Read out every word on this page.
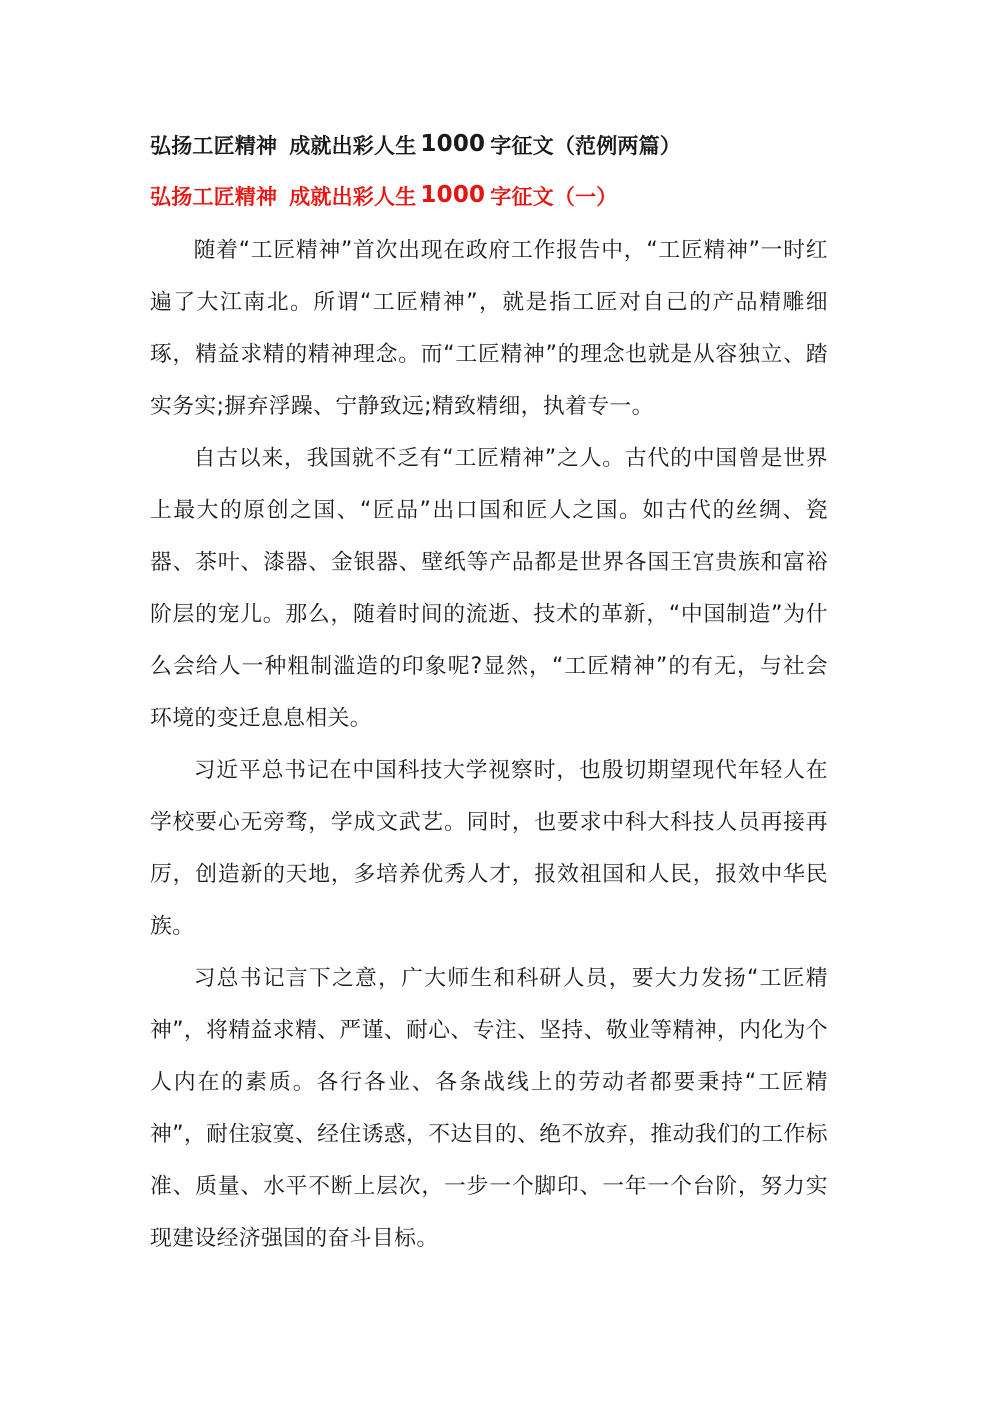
弘扬工匠精神 成就出彩人生 1000 字征文（范例两篇）
弘扬工匠精神 成就出彩人生 1000 字征文（一）

随着“工匠精神”首次出现在政府工作报告中，“工匠精神”一时红遍了大江南北。所谓“工匠精神”，就是指工匠对自己的产品精雕细琢，精益求精的精神理念。而“工匠精神”的理念也就是从容独立、踏实务实;摒弃浮躁、宁静致远;精致精细，执着专一。

自古以来，我国就不乏有“工匠精神”之人。古代的中国曾是世界上最大的原创之国、“匠品”出口国和匠人之国。如古代的丝绸、瓷器、茶叶、漆器、金银器、壁纸等产品都是世界各国王宫贵族和富裕阶层的宠儿。那么，随着时间的流逝、技术的革新，“中国制造”为什么会给人一种粗制滥造的印象呢?显然，“工匠精神”的有无，与社会环境的变迁息息相关。

习近平总书记在中国科技大学视察时，也殷切期望现代年轻人在学校要心无旁骛，学成文武艺。同时，也要求中科大科技人员再接再厉，创造新的天地，多培养优秀人才，报效祖国和人民，报效中华民族。

习总书记言下之意，广大师生和科研人员，要大力发扬“工匠精神”，将精益求精、严谨、耐心、专注、坚持、敬业等精神，内化为个人内在的素质。各行各业、各条战线上的劳动者都要秉持“工匠精神”，耐住寂寞、经住诱惑，不达目的、绝不放弃，推动我们的工作标准、质量、水平不断上层次，一步一个脚印、一年一个台阶，努力实现建设经济强国的奋斗目标。
